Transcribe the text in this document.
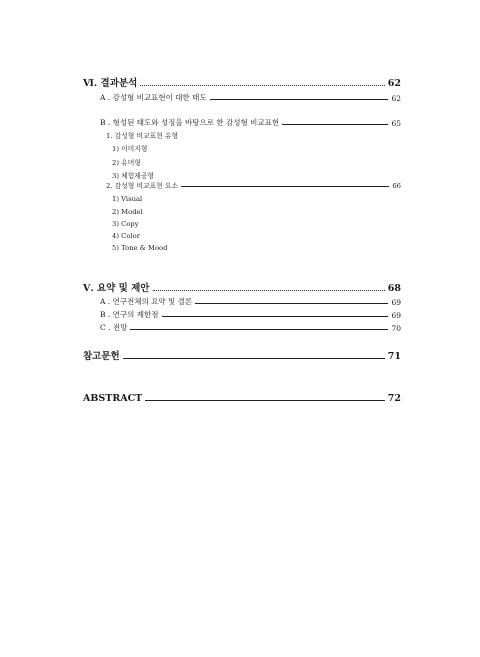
Ⅵ. 결과분석	62
A . 감성형 비교표현이 대한 태도	62
B . 형성된 태도와 성징을 바탕으로 한 감성형 비교표현	65
1. 감성형 비교표현 유형
1) 이미지형
2) 유머형
3) 체험제공형
2. 감성형 비교표현 요소	66
1) Visual
2) Model
3) Copy
4) Color
5) Tone & Mood
Ⅴ. 요약 및 제안	68
A . 연구전체의 요약 및 결론	69
B . 연구의 제한점	69
C . 전망	70
참고문헌	71
ABSTRACT	72
